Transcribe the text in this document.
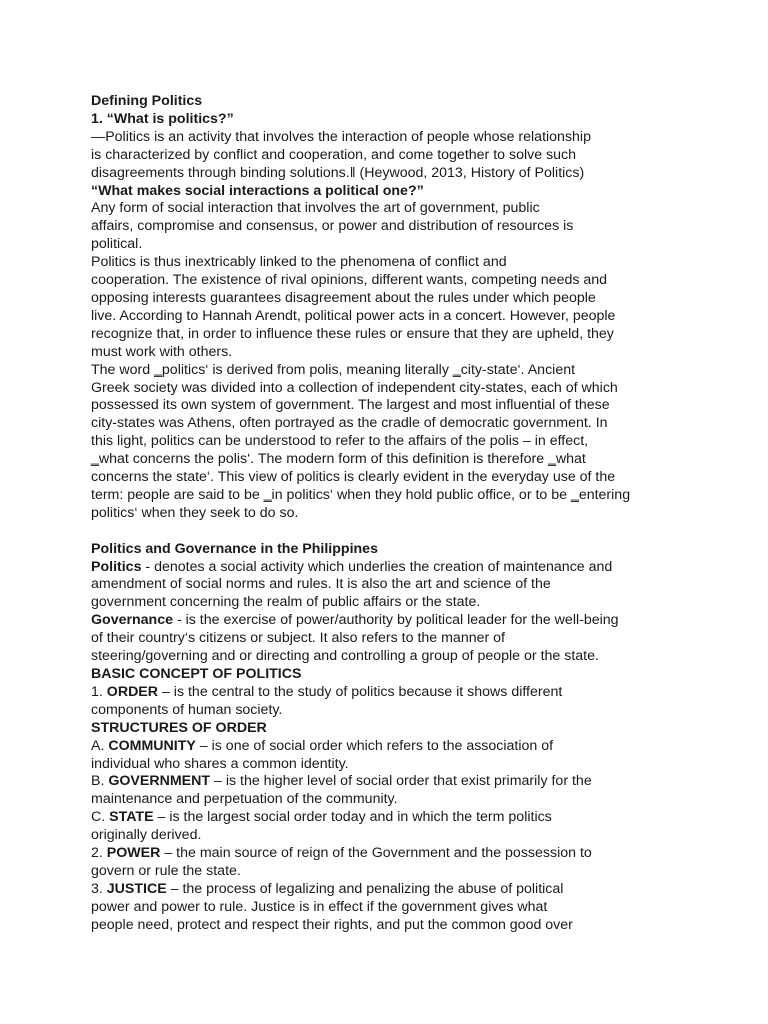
Defining Politics
1. “What is politics?”
―Politics is an activity that involves the interaction of people whose relationship
is characterized by conflict and cooperation, and come together to solve such
disagreements through binding solutions.‖ (Heywood, 2013, History of Politics)
“What makes social interactions a political one?”
Any form of social interaction that involves the art of government, public
affairs, compromise and consensus, or power and distribution of resources is
political.
Politics is thus inextricably linked to the phenomena of conflict and
cooperation. The existence of rival opinions, different wants, competing needs and
opposing interests guarantees disagreement about the rules under which people
live. According to Hannah Arendt, political power acts in a concert. However, people
recognize that, in order to influence these rules or ensure that they are upheld, they
must work with others.
The word ‗politics‘ is derived from polis, meaning literally ‗city-state‘. Ancient
Greek society was divided into a collection of independent city-states, each of which
possessed its own system of government. The largest and most influential of these
city-states was Athens, often portrayed as the cradle of democratic government. In
this light, politics can be understood to refer to the affairs of the polis – in effect,
‗what concerns the polis‘. The modern form of this definition is therefore ‗what
concerns the state‘. This view of politics is clearly evident in the everyday use of the
term: people are said to be ‗in politics‘ when they hold public office, or to be ‗entering
politics‘ when they seek to do so.
Politics and Governance in the Philippines
Politics - denotes a social activity which underlies the creation of maintenance and
amendment of social norms and rules. It is also the art and science of the
government concerning the realm of public affairs or the state.
Governance - is the exercise of power/authority by political leader for the well-being
of their country‘s citizens or subject. It also refers to the manner of
steering/governing and or directing and controlling a group of people or the state.
BASIC CONCEPT OF POLITICS
1. ORDER – is the central to the study of politics because it shows different
components of human society.
STRUCTURES OF ORDER
A. COMMUNITY – is one of social order which refers to the association of
individual who shares a common identity.
B. GOVERNMENT – is the higher level of social order that exist primarily for the
maintenance and perpetuation of the community.
C. STATE – is the largest social order today and in which the term politics
originally derived.
2. POWER – the main source of reign of the Government and the possession to
govern or rule the state.
3. JUSTICE – the process of legalizing and penalizing the abuse of political
power and power to rule. Justice is in effect if the government gives what
people need, protect and respect their rights, and put the common good over
